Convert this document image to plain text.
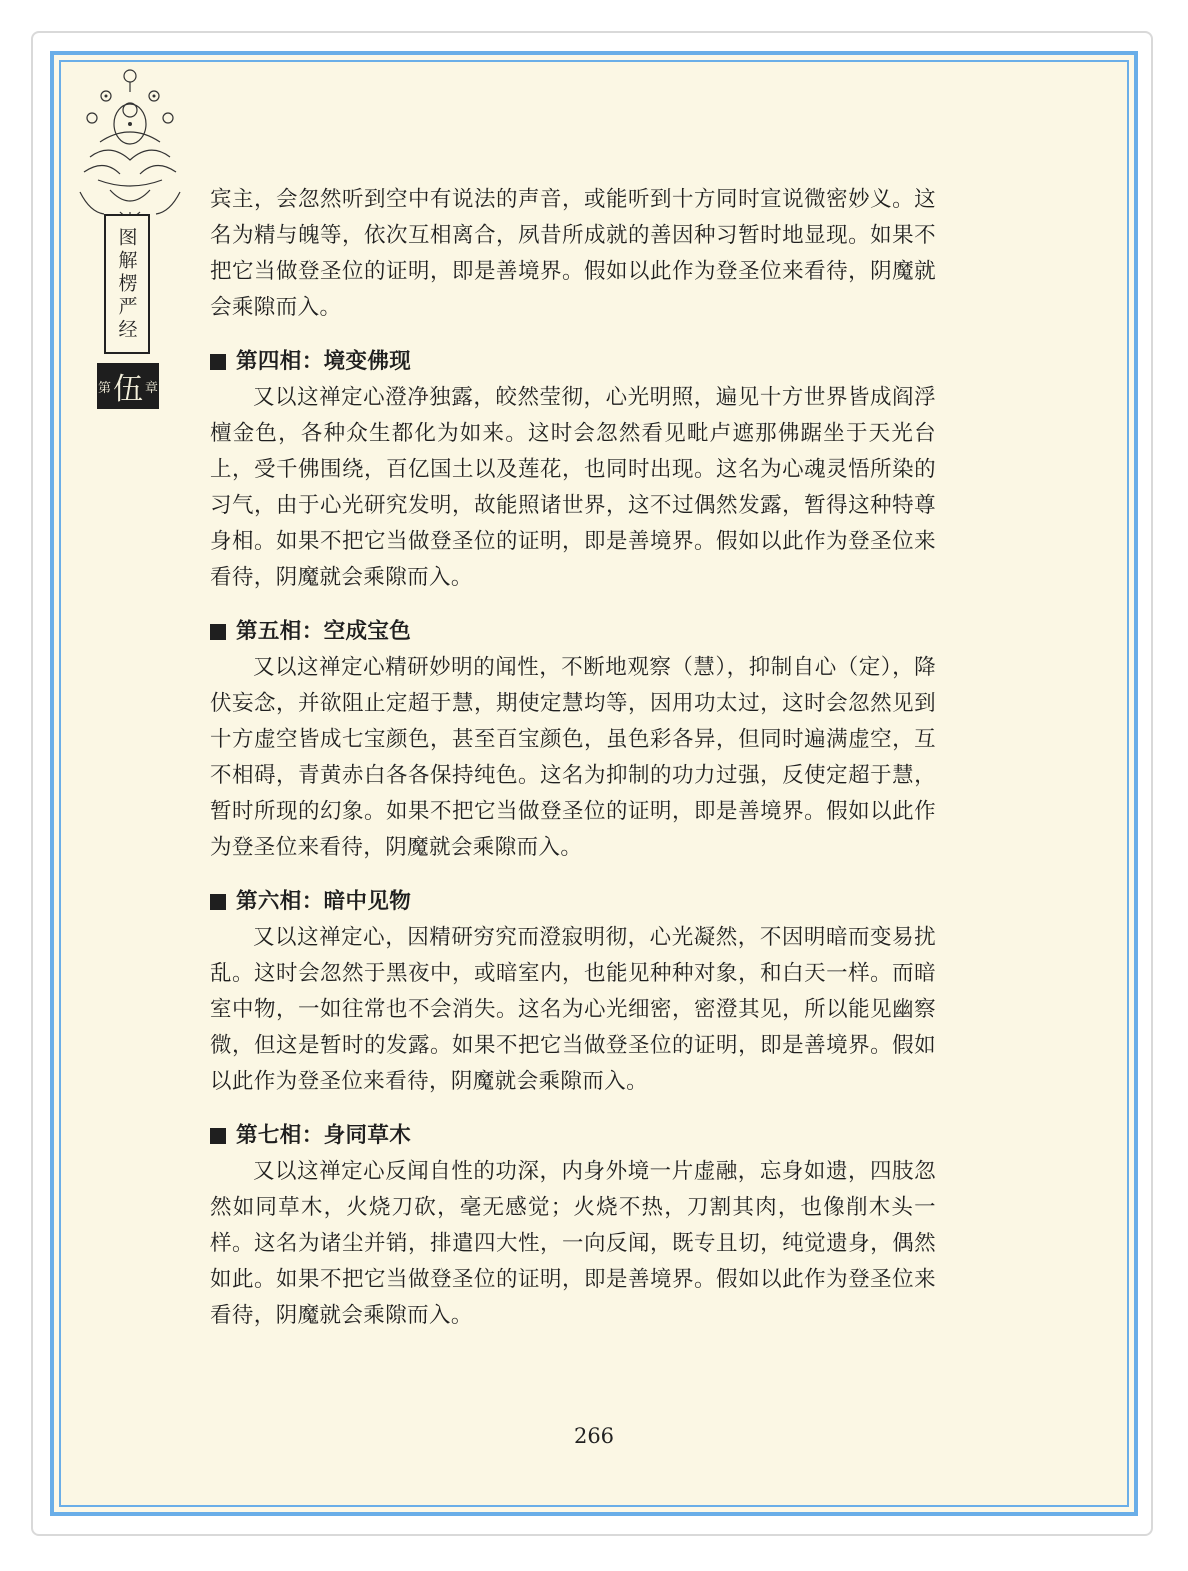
图解楞严经
第 伍 章

宾主，会忽然听到空中有说法的声音，或能听到十方同时宣说微密妙义。这名为精与魄等，依次互相离合，夙昔所成就的善因种习暂时地显现。如果不把它当做登圣位的证明，即是善境界。假如以此作为登圣位来看待，阴魔就会乘隙而入。

第四相：境变佛现

又以这禅定心澄净独露，皎然莹彻，心光明照，遍见十方世界皆成阎浮檀金色，各种众生都化为如来。这时会忽然看见毗卢遮那佛踞坐于天光台上，受千佛围绕，百亿国土以及莲花，也同时出现。这名为心魂灵悟所染的习气，由于心光研究发明，故能照诸世界，这不过偶然发露，暂得这种特尊身相。如果不把它当做登圣位的证明，即是善境界。假如以此作为登圣位来看待，阴魔就会乘隙而入。

第五相：空成宝色

又以这禅定心精研妙明的闻性，不断地观察（慧），抑制自心（定），降伏妄念，并欲阻止定超于慧，期使定慧均等，因用功太过，这时会忽然见到十方虚空皆成七宝颜色，甚至百宝颜色，虽色彩各异，但同时遍满虚空，互不相碍，青黄赤白各各保持纯色。这名为抑制的功力过强，反使定超于慧，暂时所现的幻象。如果不把它当做登圣位的证明，即是善境界。假如以此作为登圣位来看待，阴魔就会乘隙而入。

第六相：暗中见物

又以这禅定心，因精研穷究而澄寂明彻，心光凝然，不因明暗而变易扰乱。这时会忽然于黑夜中，或暗室内，也能见种种对象，和白天一样。而暗室中物，一如往常也不会消失。这名为心光细密，密澄其见，所以能见幽察微，但这是暂时的发露。如果不把它当做登圣位的证明，即是善境界。假如以此作为登圣位来看待，阴魔就会乘隙而入。

第七相：身同草木

又以这禅定心反闻自性的功深，内身外境一片虚融，忘身如遗，四肢忽然如同草木，火烧刀砍，毫无感觉；火烧不热，刀割其肉，也像削木头一样。这名为诸尘并销，排遣四大性，一向反闻，既专且切，纯觉遗身，偶然如此。如果不把它当做登圣位的证明，即是善境界。假如以此作为登圣位来看待，阴魔就会乘隙而入。

266
